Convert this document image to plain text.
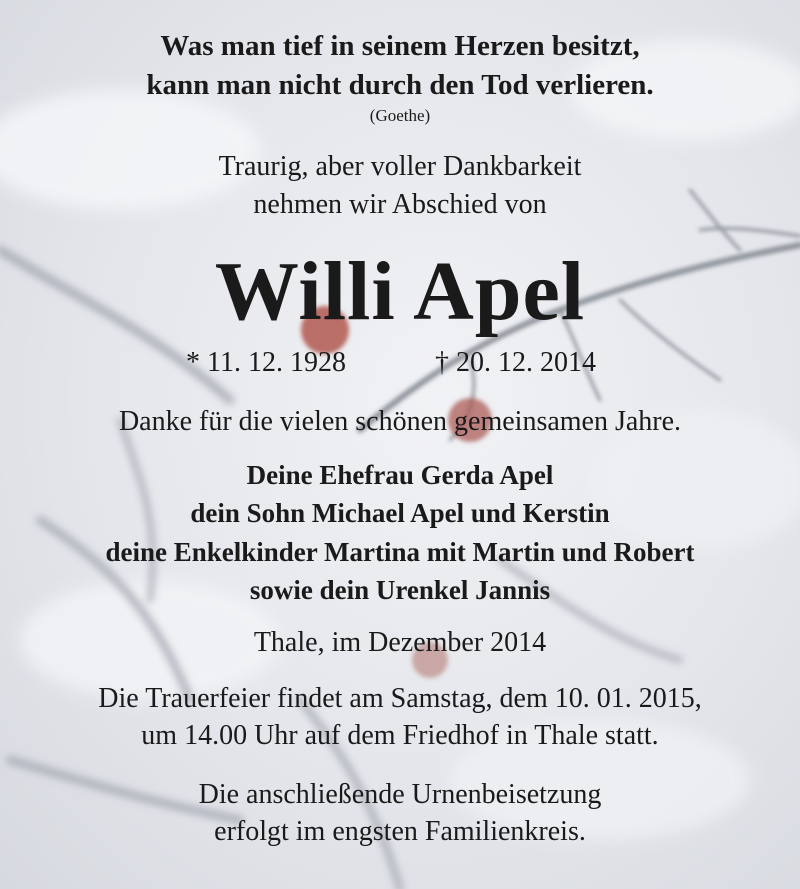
Was man tief in seinem Herzen besitzt,
kann man nicht durch den Tod verlieren.
(Goethe)
Traurig, aber voller Dankbarkeit
nehmen wir Abschied von
Willi Apel
* 11. 12. 1928	† 20. 12. 2014
Danke für die vielen schönen gemeinsamen Jahre.
Deine Ehefrau Gerda Apel
dein Sohn Michael Apel und Kerstin
deine Enkelkinder Martina mit Martin und Robert
sowie dein Urenkel Jannis
Thale, im Dezember 2014
Die Trauerfeier findet am Samstag, dem 10. 01. 2015,
um 14.00 Uhr auf dem Friedhof in Thale statt.
Die anschließende Urnenbeisetzung
erfolgt im engsten Familienkreis.
